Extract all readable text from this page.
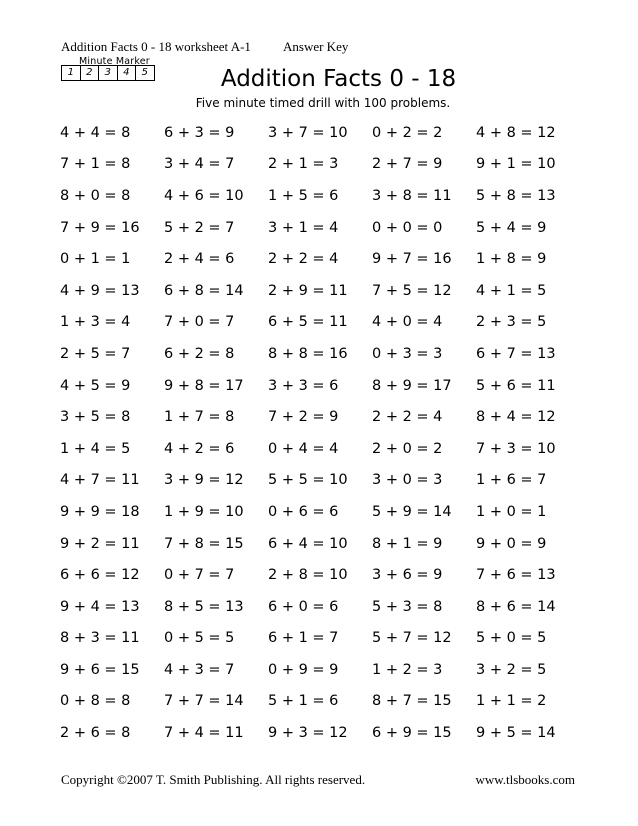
Addition Facts 0 - 18 worksheet A-1 Answer Key
Minute Marker
1	2	3	4	5	Addition Facts 0 - 18
Five minute timed drill with 100 problems.
4 + 4 = 8	6 + 3 = 9	3 + 7 = 10	0 + 2 = 2	4 + 8 = 12
7 + 1 = 8	3 + 4 = 7	2 + 1 = 3	2 + 7 = 9	9 + 1 = 10
8 + 0 = 8	4 + 6 = 10	1 + 5 = 6	3 + 8 = 11	5 + 8 = 13
7 + 9 = 16	5 + 2 = 7	3 + 1 = 4	0 + 0 = 0	5 + 4 = 9
0 + 1 = 1	2 + 4 = 6	2 + 2 = 4	9 + 7 = 16	1 + 8 = 9
4 + 9 = 13	6 + 8 = 14	2 + 9 = 11	7 + 5 = 12	4 + 1 = 5
1 + 3 = 4	7 + 0 = 7	6 + 5 = 11	4 + 0 = 4	2 + 3 = 5
2 + 5 = 7	6 + 2 = 8	8 + 8 = 16	0 + 3 = 3	6 + 7 = 13
4 + 5 = 9	9 + 8 = 17	3 + 3 = 6	8 + 9 = 17	5 + 6 = 11
3 + 5 = 8	1 + 7 = 8	7 + 2 = 9	2 + 2 = 4	8 + 4 = 12
1 + 4 = 5	4 + 2 = 6	0 + 4 = 4	2 + 0 = 2	7 + 3 = 10
4 + 7 = 11	3 + 9 = 12	5 + 5 = 10	3 + 0 = 3	1 + 6 = 7
9 + 9 = 18	1 + 9 = 10	0 + 6 = 6	5 + 9 = 14	1 + 0 = 1
9 + 2 = 11	7 + 8 = 15	6 + 4 = 10	8 + 1 = 9	9 + 0 = 9
6 + 6 = 12	0 + 7 = 7	2 + 8 = 10	3 + 6 = 9	7 + 6 = 13
9 + 4 = 13	8 + 5 = 13	6 + 0 = 6	5 + 3 = 8	8 + 6 = 14
8 + 3 = 11	0 + 5 = 5	6 + 1 = 7	5 + 7 = 12	5 + 0 = 5
9 + 6 = 15	4 + 3 = 7	0 + 9 = 9	1 + 2 = 3	3 + 2 = 5
0 + 8 = 8	7 + 7 = 14	5 + 1 = 6	8 + 7 = 15	1 + 1 = 2
2 + 6 = 8	7 + 4 = 11	9 + 3 = 12	6 + 9 = 15	9 + 5 = 14
Copyright ©2007 T. Smith Publishing. All rights reserved.	www.tlsbooks.com
